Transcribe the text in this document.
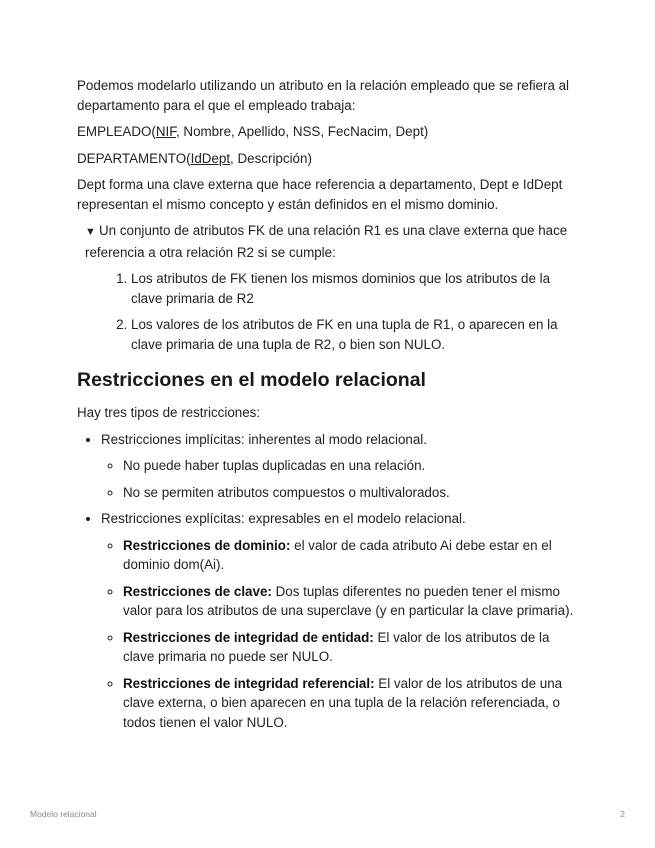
Podemos modelarlo utilizando un atributo en la relación empleado que se refiera al departamento para el que el empleado trabaja:

EMPLEADO(NIF, Nombre, Apellido, NSS, FecNacim, Dept)

DEPARTAMENTO(IdDept, Descripción)

Dept forma una clave externa que hace referencia a departamento, Dept e IdDept representan el mismo concepto y están definidos en el mismo dominio.

▼ Un conjunto de atributos FK de una relación R1 es una clave externa que hace referencia a otra relación R2 si se cumple:
1. Los atributos de FK tienen los mismos dominios que los atributos de la clave primaria de R2
2. Los valores de los atributos de FK en una tupla de R1, o aparecen en la clave primaria de una tupla de R2, o bien son NULO.
Restricciones en el modelo relacional

Hay tres tipos de restricciones:

• Restricciones implícitas: inherentes al modo relacional.
◦ No puede haber tuplas duplicadas en una relación.
◦ No se permiten atributos compuestos o multivalorados.
• Restricciones explícitas: expresables en el modelo relacional.
◦ Restricciones de dominio: el valor de cada atributo Ai debe estar en el dominio dom(Ai).
◦ Restricciones de clave: Dos tuplas diferentes no pueden tener el mismo valor para los atributos de una superclave (y en particular la clave primaria).
◦ Restricciones de integridad de entidad: El valor de los atributos de la clave primaria no puede ser NULO.
◦ Restricciones de integridad referencial: El valor de los atributos de una clave externa, o bien aparecen en una tupla de la relación referenciada, o todos tienen el valor NULO.
Modelo relacional	2
